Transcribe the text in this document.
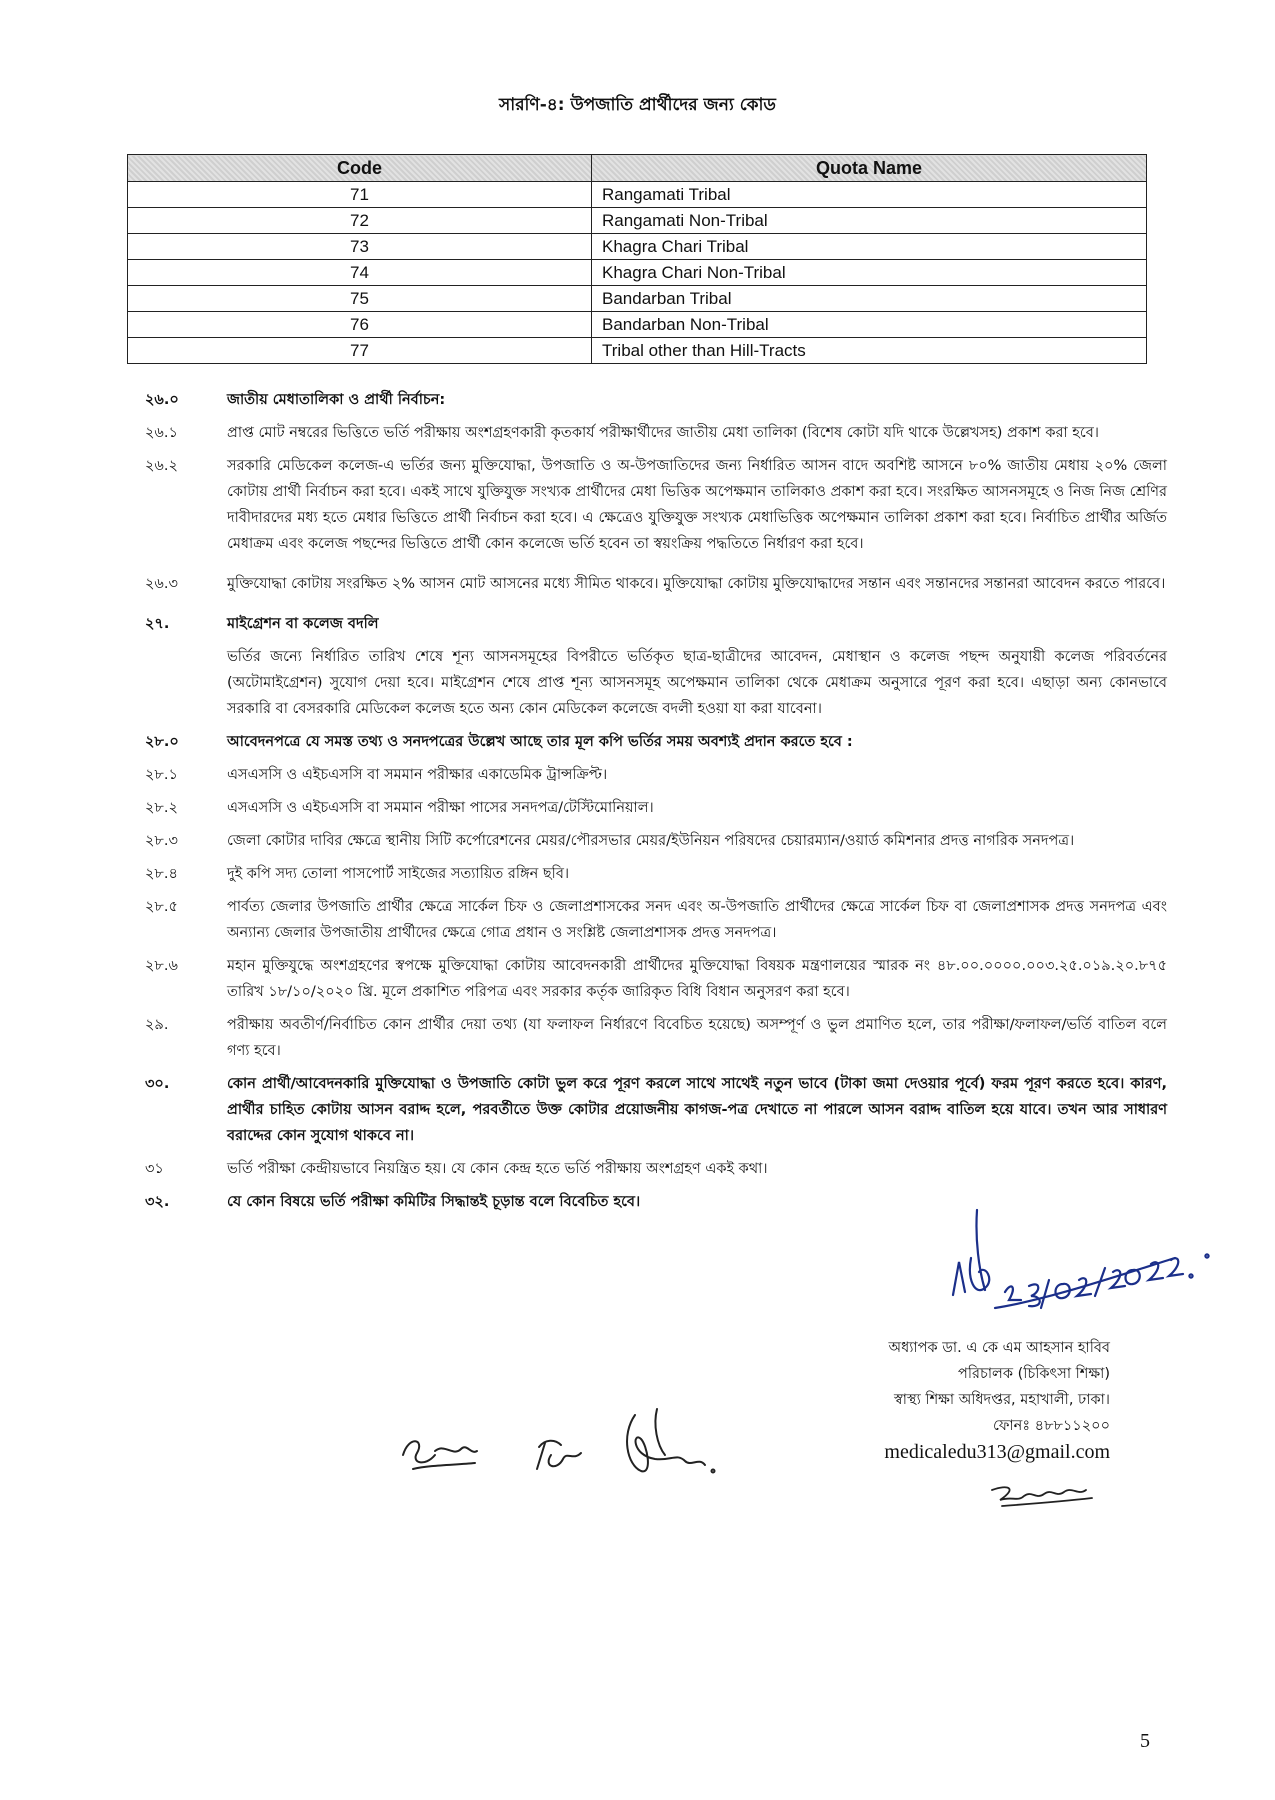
সারণি-৪: উপজাতি প্রার্থীদের জন্য কোড
Code	Quota Name
71	Rangamati Tribal
72	Rangamati Non-Tribal
73	Khagra Chari Tribal
74	Khagra Chari Non-Tribal
75	Bandarban Tribal
76	Bandarban Non-Tribal
77	Tribal other than Hill-Tracts
২৬.০	জাতীয় মেধাতালিকা ও প্রার্থী নির্বাচন:
২৬.১	প্রাপ্ত মোট নম্বরের ভিত্তিতে ভর্তি পরীক্ষায় অংশগ্রহণকারী কৃতকার্য পরীক্ষার্থীদের জাতীয় মেধা তালিকা (বিশেষ কোটা যদি থাকে উল্লেখসহ) প্রকাশ করা হবে।
২৬.২	সরকারি মেডিকেল কলেজ-এ ভর্তির জন্য মুক্তিযোদ্ধা, উপজাতি ও অ-উপজাতিদের জন্য নির্ধারিত আসন বাদে অবশিষ্ট আসনে ৮০% জাতীয় মেধায় ২০% জেলা কোটায় প্রার্থী নির্বাচন করা হবে। একই সাথে যুক্তিযুক্ত সংখ্যক প্রার্থীদের মেধা ভিত্তিক অপেক্ষমান তালিকাও প্রকাশ করা হবে। সংরক্ষিত আসনসমূহে ও নিজ নিজ শ্রেণির দাবীদারদের মধ্য হতে মেধার ভিত্তিতে প্রার্থী নির্বাচন করা হবে। এ ক্ষেত্রেও যুক্তিযুক্ত সংখ্যক মেধাভিত্তিক অপেক্ষমান তালিকা প্রকাশ করা হবে। নির্বাচিত প্রার্থীর অর্জিত মেধাক্রম এবং কলেজ পছন্দের ভিত্তিতে প্রার্থী কোন কলেজে ভর্তি হবেন তা স্বয়ংক্রিয় পদ্ধতিতে নির্ধারণ করা হবে।
২৬.৩	মুক্তিযোদ্ধা কোটায় সংরক্ষিত ২% আসন মোট আসনের মধ্যে সীমিত থাকবে। মুক্তিযোদ্ধা কোটায় মুক্তিযোদ্ধাদের সন্তান এবং সন্তানদের সন্তানরা আবেদন করতে পারবে।
২৭.	মাইগ্রেশন বা কলেজ বদলি
ভর্তির জন্যে নির্ধারিত তারিখ শেষে শূন্য আসনসমূহের বিপরীতে ভর্তিকৃত ছাত্র-ছাত্রীদের আবেদন, মেধাস্থান ও কলেজ পছন্দ অনুযায়ী কলেজ পরিবর্তনের (অটোমাইগ্রেশন) সুযোগ দেয়া হবে। মাইগ্রেশন শেষে প্রাপ্ত শূন্য আসনসমূহ অপেক্ষমান তালিকা থেকে মেধাক্রম অনুসারে পূরণ করা হবে। এছাড়া অন্য কোনভাবে সরকারি বা বেসরকারি মেডিকেল কলেজ হতে অন্য কোন মেডিকেল কলেজে বদলী হওয়া যা করা যাবেনা।
২৮.০	আবেদনপত্রে যে সমস্ত তথ্য ও সনদপত্রের উল্লেখ আছে তার মূল কপি ভর্তির সময় অবশ্যই প্রদান করতে হবে :
২৮.১	এসএসসি ও এইচএসসি বা সমমান পরীক্ষার একাডেমিক ট্রান্সক্রিপ্ট।
২৮.২	এসএসসি ও এইচএসসি বা সমমান পরীক্ষা পাসের সনদপত্র/টেস্টিমোনিয়াল।
২৮.৩	জেলা কোটার দাবির ক্ষেত্রে স্থানীয় সিটি কর্পোরেশনের মেয়র/পৌরসভার মেয়র/ইউনিয়ন পরিষদের চেয়ারম্যান/ওয়ার্ড কমিশনার প্রদত্ত নাগরিক সনদপত্র।
২৮.৪	দুই কপি সদ্য তোলা পাসপোর্ট সাইজের সত্যায়িত রঙ্গিন ছবি।
২৮.৫	পার্বত্য জেলার উপজাতি প্রার্থীর ক্ষেত্রে সার্কেল চিফ ও জেলাপ্রশাসকের সনদ এবং অ-উপজাতি প্রার্থীদের ক্ষেত্রে সার্কেল চিফ বা জেলাপ্রশাসক প্রদত্ত সনদপত্র এবং অন্যান্য জেলার উপজাতীয় প্রার্থীদের ক্ষেত্রে গোত্র প্রধান ও সংশ্লিষ্ট জেলাপ্রশাসক প্রদত্ত সনদপত্র।
২৮.৬	মহান মুক্তিযুদ্ধে অংশগ্রহণের স্বপক্ষে মুক্তিযোদ্ধা কোটায় আবেদনকারী প্রার্থীদের মুক্তিযোদ্ধা বিষয়ক মন্ত্রণালয়ের স্মারক নং ৪৮.০০.০০০০.০০৩.২৫.০১৯.২০.৮৭৫ তারিখ ১৮/১০/২০২০ খ্রি. মূলে প্রকাশিত পরিপত্র এবং সরকার কর্তৃক জারিকৃত বিধি বিধান অনুসরণ করা হবে।
২৯.	পরীক্ষায় অবতীর্ণ/নির্বাচিত কোন প্রার্থীর দেয়া তথ্য (যা ফলাফল নির্ধারণে বিবেচিত হয়েছে) অসম্পূর্ণ ও ভুল প্রমাণিত হলে, তার পরীক্ষা/ফলাফল/ভর্তি বাতিল বলে গণ্য হবে।
৩০.	কোন প্রার্থী/আবেদনকারি মুক্তিযোদ্ধা ও উপজাতি কোটা ভুল করে পূরণ করলে সাথে সাথেই নতুন ভাবে (টাকা জমা দেওয়ার পূর্বে) ফরম পূরণ করতে হবে। কারণ, প্রার্থীর চাহিত কোটায় আসন বরাদ্দ হলে, পরবর্তীতে উক্ত কোটার প্রয়োজনীয় কাগজ-পত্র দেখাতে না পারলে আসন বরাদ্দ বাতিল হয়ে যাবে। তখন আর সাধারণ বরাদ্দের কোন সুযোগ থাকবে না।
৩১	ভর্তি পরীক্ষা কেন্দ্রীয়ভাবে নিয়ন্ত্রিত হয়। যে কোন কেন্দ্র হতে ভর্তি পরীক্ষায় অংশগ্রহণ একই কথা।
৩২.	যে কোন বিষয়ে ভর্তি পরীক্ষা কমিটির সিদ্ধান্তই চূড়ান্ত বলে বিবেচিত হবে।
অধ্যাপক ডা. এ কে এম আহসান হাবিব
পরিচালক (চিকিৎসা শিক্ষা)
স্বাস্থ্য শিক্ষা অধিদপ্তর, মহাখালী, ঢাকা।
ফোনঃ ৪৮৮১১২০০
medicaledu313@gmail.com
5
